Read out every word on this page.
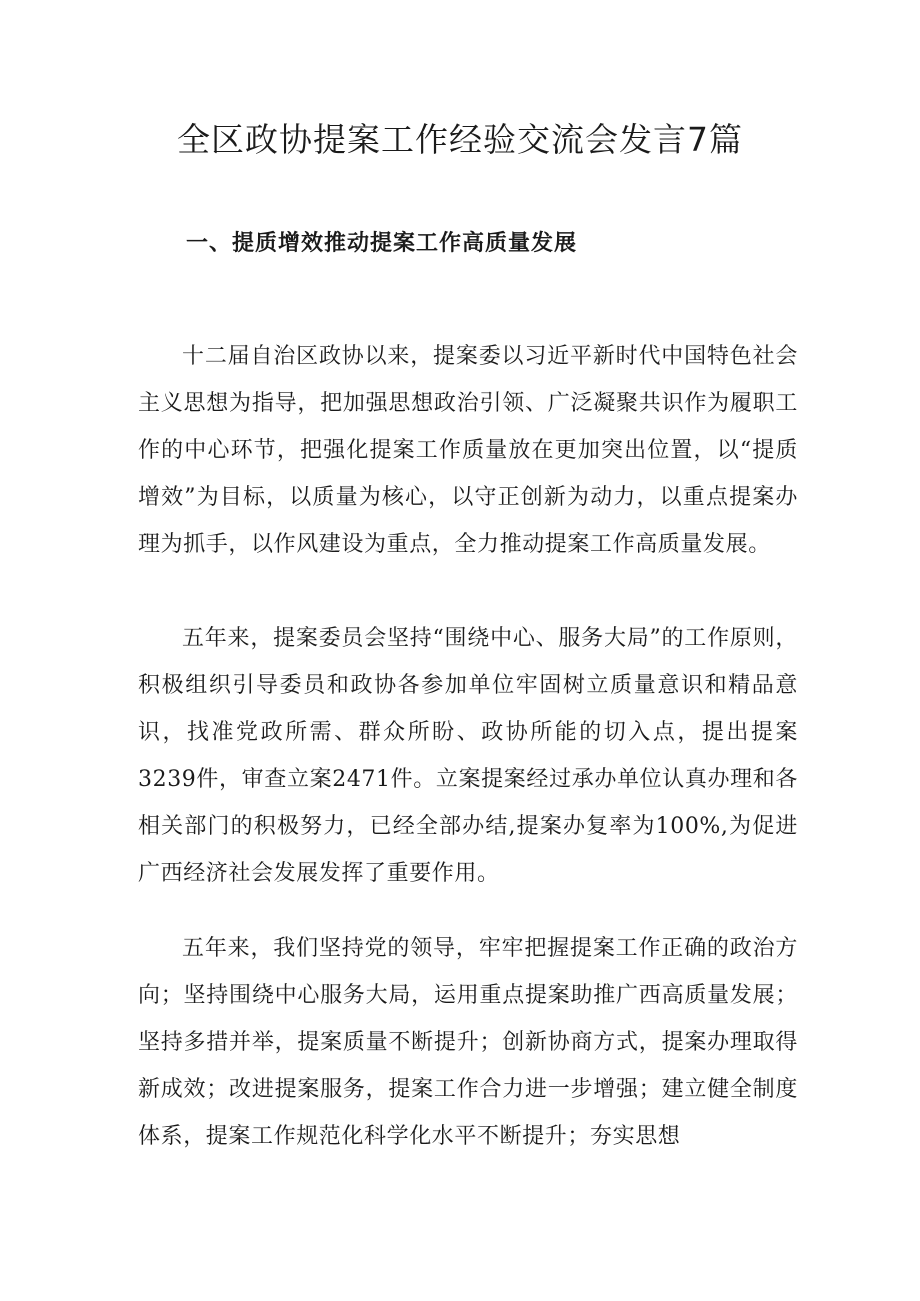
全区政协提案工作经验交流会发言7篇
一、提质增效推动提案工作高质量发展

十二届自治区政协以来，提案委以习近平新时代中国特色社会主义思想为指导，把加强思想政治引领、广泛凝聚共识作为履职工作的中心环节，把强化提案工作质量放在更加突出位置，以“提质增效”为目标，以质量为核心，以守正创新为动力，以重点提案办理为抓手，以作风建设为重点，全力推动提案工作高质量发展。

五年来，提案委员会坚持“围绕中心、服务大局”的工作原则，积极组织引导委员和政协各参加单位牢固树立质量意识和精品意识，找准党政所需、群众所盼、政协所能的切入点，提出提案3239件，审查立案2471件。立案提案经过承办单位认真办理和各相关部门的积极努力，已经全部办结,提案办复率为100%,为促进广西经济社会发展发挥了重要作用。

五年来，我们坚持党的领导，牢牢把握提案工作正确的政治方向；坚持围绕中心服务大局，运用重点提案助推广西高质量发展；坚持多措并举，提案质量不断提升；创新协商方式，提案办理取得新成效；改进提案服务，提案工作合力进一步增强；建立健全制度体系，提案工作规范化科学化水平不断提升；夯实思想
